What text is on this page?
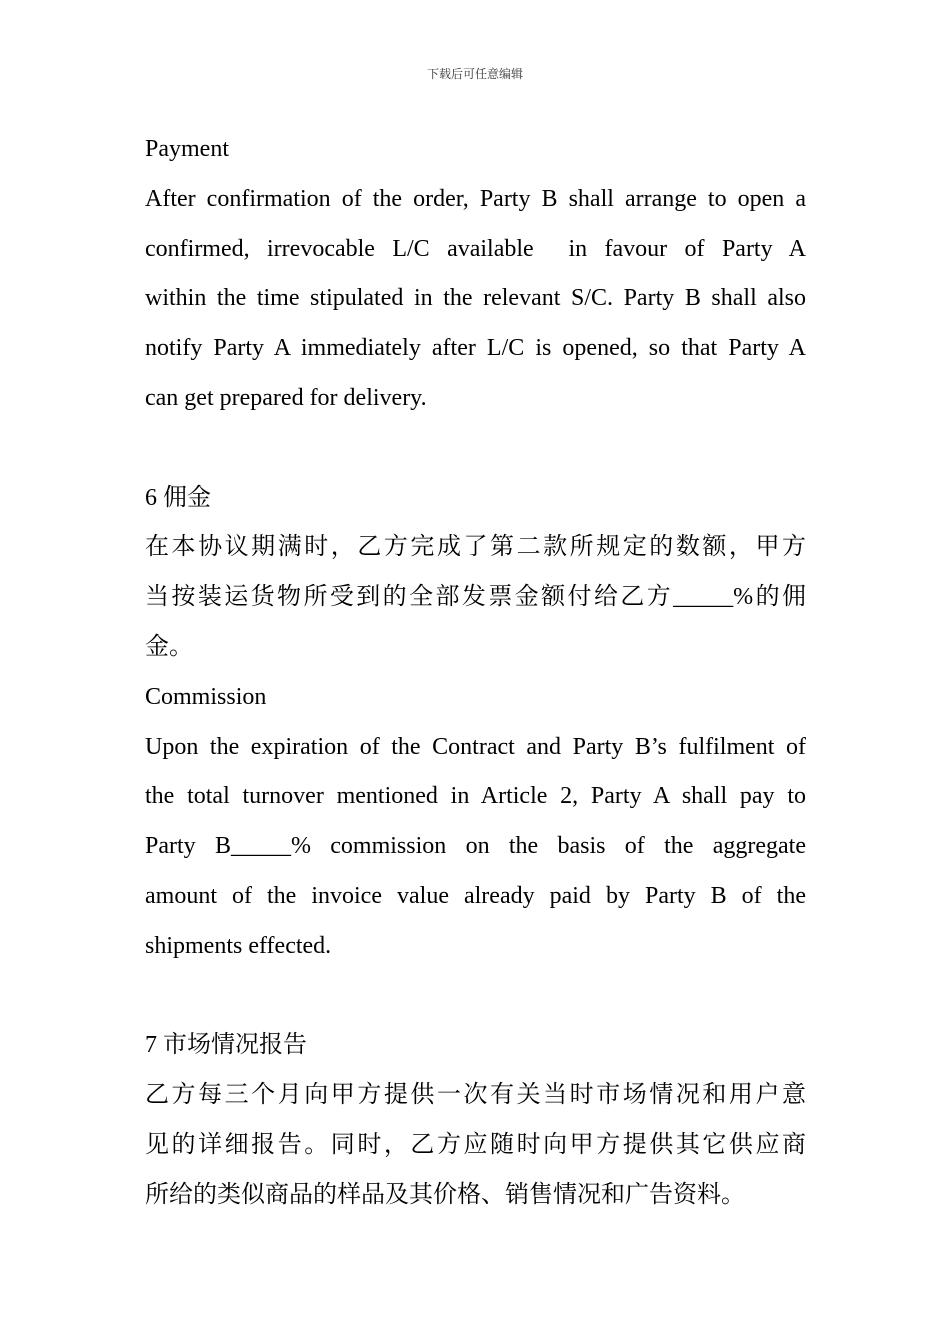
下载后可任意编辑

Payment

After confirmation of the order, Party B shall arrange to open a

confirmed, irrevocable L/C available  in favour of Party A

within the time stipulated in the relevant S/C. Party B shall also

notify Party A immediately after L/C is opened, so that Party A

can get prepared for delivery.

6 佣金

在本协议期满时，乙方完成了第二款所规定的数额，甲方

当按装运货物所受到的全部发票金额付给乙方_____%的佣

金。

Commission

Upon the expiration of the Contract and Party B’s fulfilment of

the total turnover mentioned in Article 2, Party A shall pay to

Party B_____% commission on the basis of the aggregate

amount of the invoice value already paid by Party B of the

shipments effected.

7 市场情况报告

乙方每三个月向甲方提供一次有关当时市场情况和用户意

见的详细报告。同时，乙方应随时向甲方提供其它供应商

所给的类似商品的样品及其价格、销售情况和广告资料。
